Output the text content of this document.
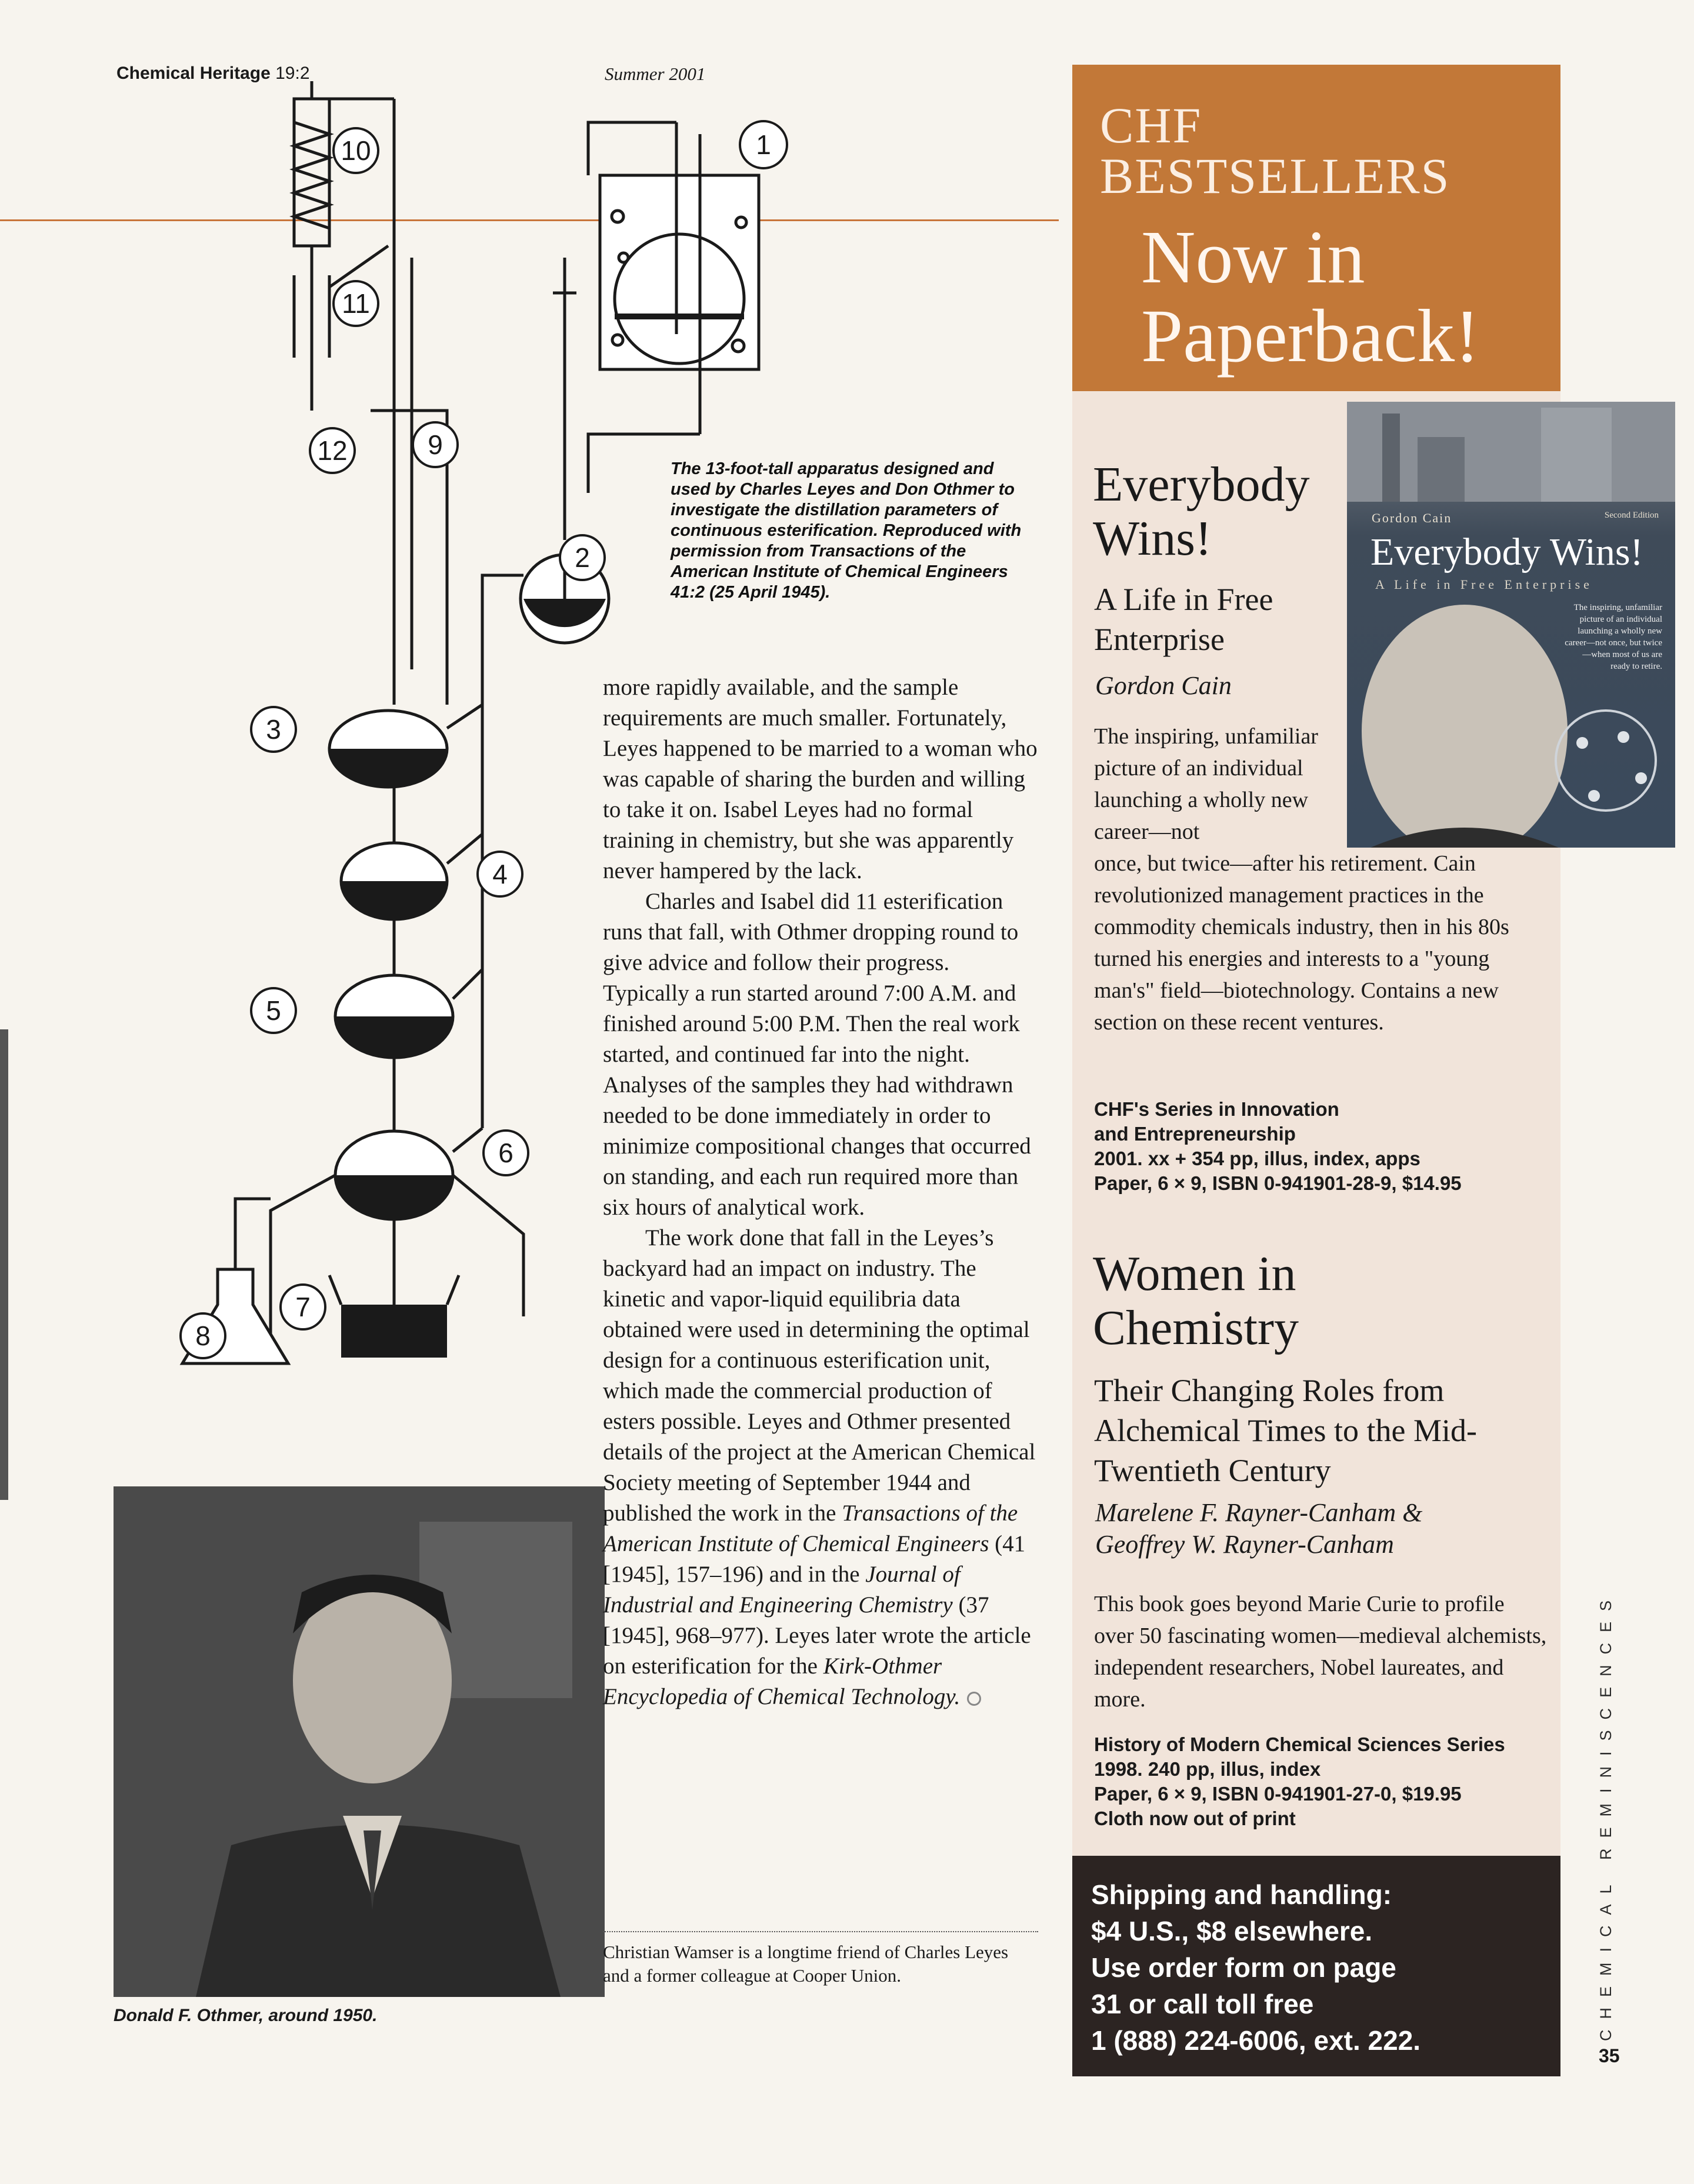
Chemical Heritage 19:2	Summer 2001
10
11
1
12	9
2
3
4
5
6
7
8
The 13-foot-tall apparatus designed and used by Charles Leyes and Don Othmer to investigate the distillation parameters of continuous esterification. Reproduced with permission from Transactions of the American Institute of Chemical Engineers 41:2 (25 April 1945).
Donald F. Othmer, around 1950.

more rapidly available, and the sample requirements are much smaller. Fortunately, Leyes happened to be married to a woman who was capable of sharing the burden and willing to take it on. Isabel Leyes had no formal training in chemistry, but she was apparently never hampered by the lack.

Charles and Isabel did 11 esterification runs that fall, with Othmer dropping round to give advice and follow their progress. Typically a run started around 7:00 A.M. and finished around 5:00 P.M. Then the real work started, and continued far into the night. Analyses of the samples they had withdrawn needed to be done immediately in order to minimize compositional changes that occurred on standing, and each run required more than six hours of analytical work.

The work done that fall in the Leyes’s backyard had an impact on industry. The kinetic and vapor-liquid equilibria data obtained were used in determining the optimal design for a continuous esterification unit, which made the commercial production of esters possible. Leyes and Othmer presented details of the project at the American Chemical Society meeting of September 1944 and published the work in the Transactions of the American Institute of Chemical Engineers (41 [1945], 157–196) and in the Journal of Industrial and Engineering Chemistry (37 [1945], 968–977). Leyes later wrote the article on esterification for the Kirk-Othmer Encyclopedia of Chemical Technology.

Christian Wamser is a longtime friend of Charles Leyes and a former colleague at Cooper Union.
CHF
BESTSELLERS
Now in
Paperback!
Gordon Cain	Second Edition
Everybody Wins!
A Life in Free Enterprise
The inspiring, unfamiliar picture of an individual launching a wholly new career—not once, but twice—when most of us are ready to retire.
Everybody
Wins!
A Life in Free
Enterprise
Gordon Cain
The inspiring, unfamiliar picture of an individual launching a wholly new career—not
once, but twice—after his retirement. Cain revolutionized management practices in the commodity chemicals industry, then in his 80s turned his energies and interests to a "young man's" field—biotechnology. Contains a new section on these recent ventures.
CHF's Series in Innovation
and Entrepreneurship
2001. xx + 354 pp, illus, index, apps
Paper, 6 × 9, ISBN 0-941901-28-9, $14.95
Women in
Chemistry
Their Changing Roles from Alchemical Times to the Mid-Twentieth Century
Marelene F. Rayner-Canham &
Geoffrey W. Rayner-Canham
This book goes beyond Marie Curie to profile over 50 fascinating women—medieval alchemists, independent researchers, Nobel laureates, and more.
History of Modern Chemical Sciences Series
1998. 240 pp, illus, index
Paper, 6 × 9, ISBN 0-941901-27-0, $19.95
Cloth now out of print
Shipping and handling:
$4 U.S., $8 elsewhere.
Use order form on page
31 or call toll free
1 (888) 224-6006, ext. 222.	CHEMICAL REMINISCENCES
35
